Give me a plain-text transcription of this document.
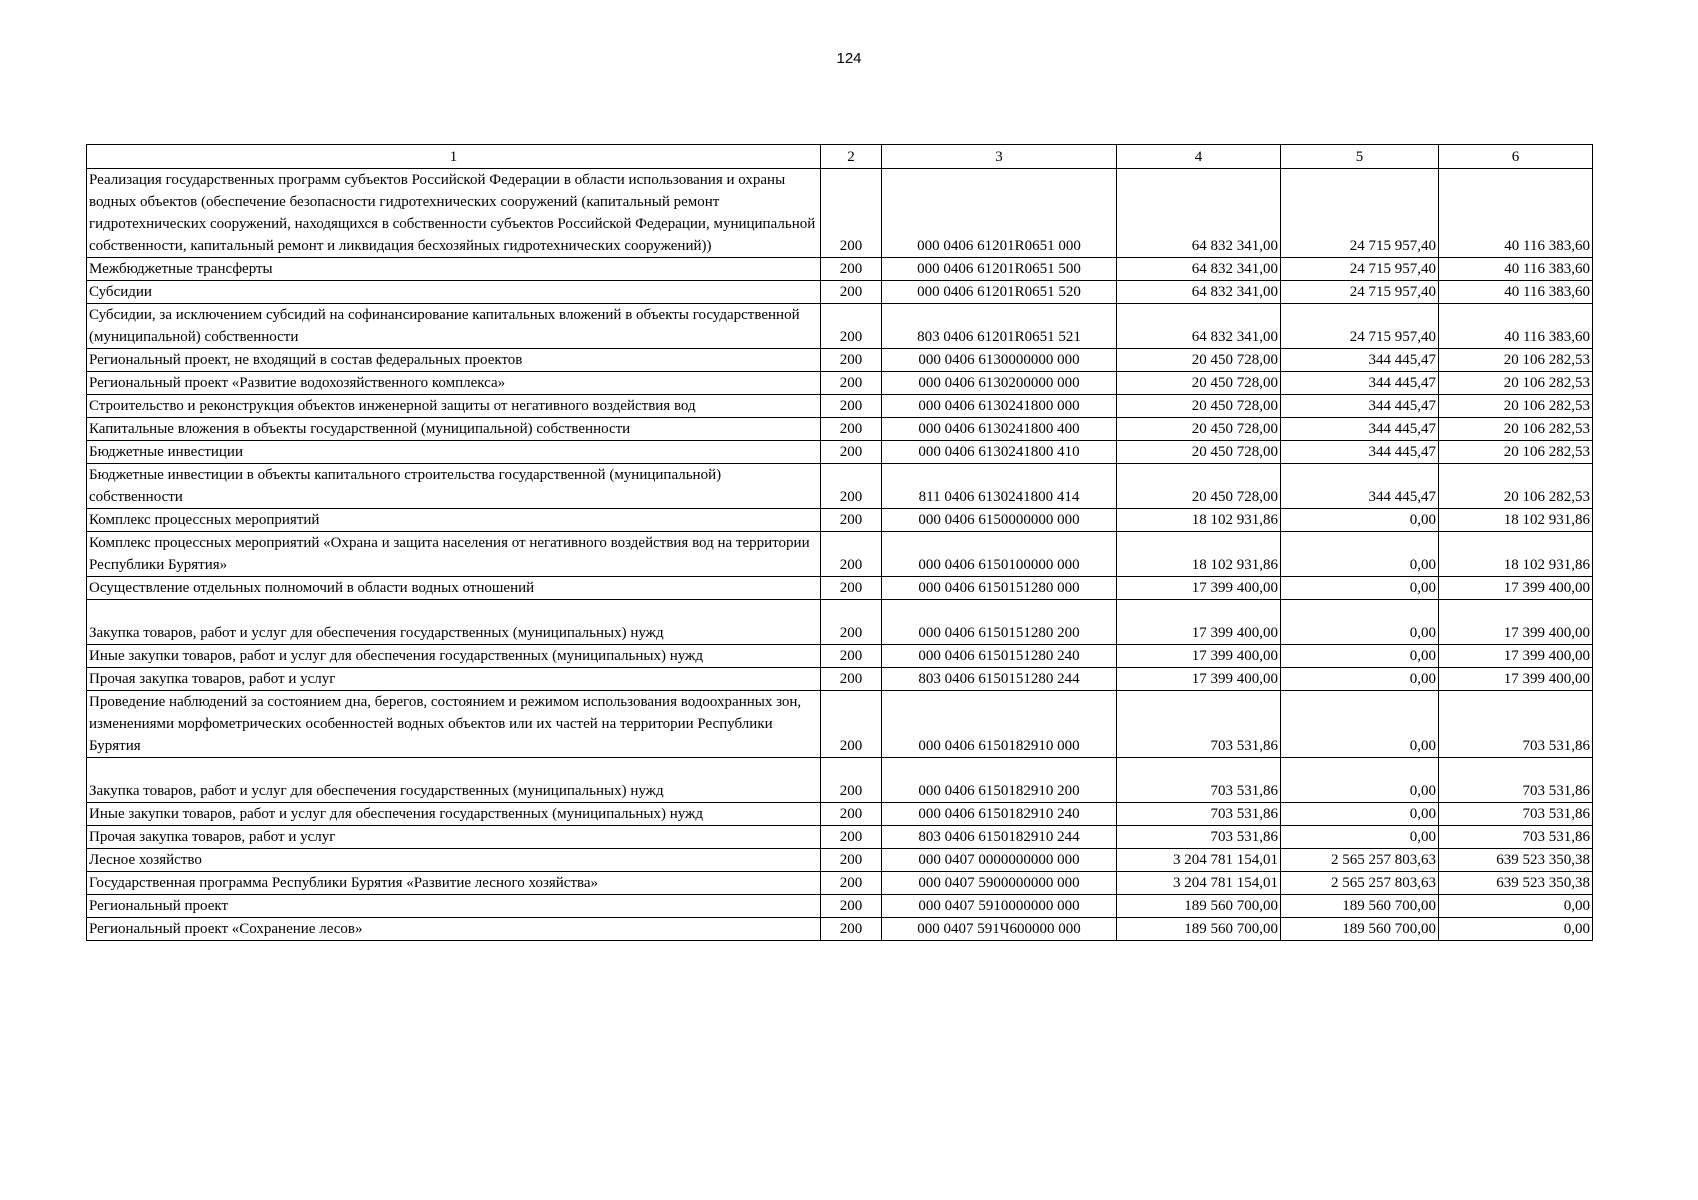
124
1	2	3	4	5	6
Реализация государственных программ субъектов Российской Федерации в области использования и охраны водных объектов (обеспечение безопасности гидротехнических сооружений (капитальный ремонт гидротехнических сооружений, находящихся в собственности субъектов Российской Федерации, муниципальной собственности, капитальный ремонт и ликвидация бесхозяйных гидротехнических сооружений))	200	000 0406 61201R0651 000	64 832 341,00	24 715 957,40	40 116 383,60
Межбюджетные трансферты	200	000 0406 61201R0651 500	64 832 341,00	24 715 957,40	40 116 383,60
Субсидии	200	000 0406 61201R0651 520	64 832 341,00	24 715 957,40	40 116 383,60
Субсидии, за исключением субсидий на софинансирование капитальных вложений в объекты государственной (муниципальной) собственности	200	803 0406 61201R0651 521	64 832 341,00	24 715 957,40	40 116 383,60
Региональный проект, не входящий в состав федеральных проектов	200	000 0406 6130000000 000	20 450 728,00	344 445,47	20 106 282,53
Региональный проект «Развитие водохозяйственного комплекса»	200	000 0406 6130200000 000	20 450 728,00	344 445,47	20 106 282,53
Строительство и реконструкция объектов инженерной защиты от негативного воздействия вод	200	000 0406 6130241800 000	20 450 728,00	344 445,47	20 106 282,53
Капитальные вложения в объекты государственной (муниципальной) собственности	200	000 0406 6130241800 400	20 450 728,00	344 445,47	20 106 282,53
Бюджетные инвестиции	200	000 0406 6130241800 410	20 450 728,00	344 445,47	20 106 282,53
Бюджетные инвестиции в объекты капитального строительства государственной (муниципальной) собственности	200	811 0406 6130241800 414	20 450 728,00	344 445,47	20 106 282,53
Комплекс процессных мероприятий	200	000 0406 6150000000 000	18 102 931,86	0,00	18 102 931,86
Комплекс процессных мероприятий «Охрана и защита населения от негативного воздействия вод на территории Республики Бурятия»	200	000 0406 6150100000 000	18 102 931,86	0,00	18 102 931,86
Осуществление отдельных полномочий в области водных отношений	200	000 0406 6150151280 000	17 399 400,00	0,00	17 399 400,00
Закупка товаров, работ и услуг для обеспечения государственных (муниципальных) нужд	200	000 0406 6150151280 200	17 399 400,00	0,00	17 399 400,00
Иные закупки товаров, работ и услуг для обеспечения государственных (муниципальных) нужд	200	000 0406 6150151280 240	17 399 400,00	0,00	17 399 400,00
Прочая закупка товаров, работ и услуг	200	803 0406 6150151280 244	17 399 400,00	0,00	17 399 400,00
Проведение наблюдений за состоянием дна, берегов, состоянием и режимом использования водоохранных зон, изменениями морфометрических особенностей водных объектов или их частей на территории Республики Бурятия	200	000 0406 6150182910 000	703 531,86	0,00	703 531,86
Закупка товаров, работ и услуг для обеспечения государственных (муниципальных) нужд	200	000 0406 6150182910 200	703 531,86	0,00	703 531,86
Иные закупки товаров, работ и услуг для обеспечения государственных (муниципальных) нужд	200	000 0406 6150182910 240	703 531,86	0,00	703 531,86
Прочая закупка товаров, работ и услуг	200	803 0406 6150182910 244	703 531,86	0,00	703 531,86
Лесное хозяйство	200	000 0407 0000000000 000	3 204 781 154,01	2 565 257 803,63	639 523 350,38
Государственная программа Республики Бурятия «Развитие лесного хозяйства»	200	000 0407 5900000000 000	3 204 781 154,01	2 565 257 803,63	639 523 350,38
Региональный проект	200	000 0407 5910000000 000	189 560 700,00	189 560 700,00	0,00
Региональный проект «Сохранение лесов»	200	000 0407 591Ч600000 000	189 560 700,00	189 560 700,00	0,00
